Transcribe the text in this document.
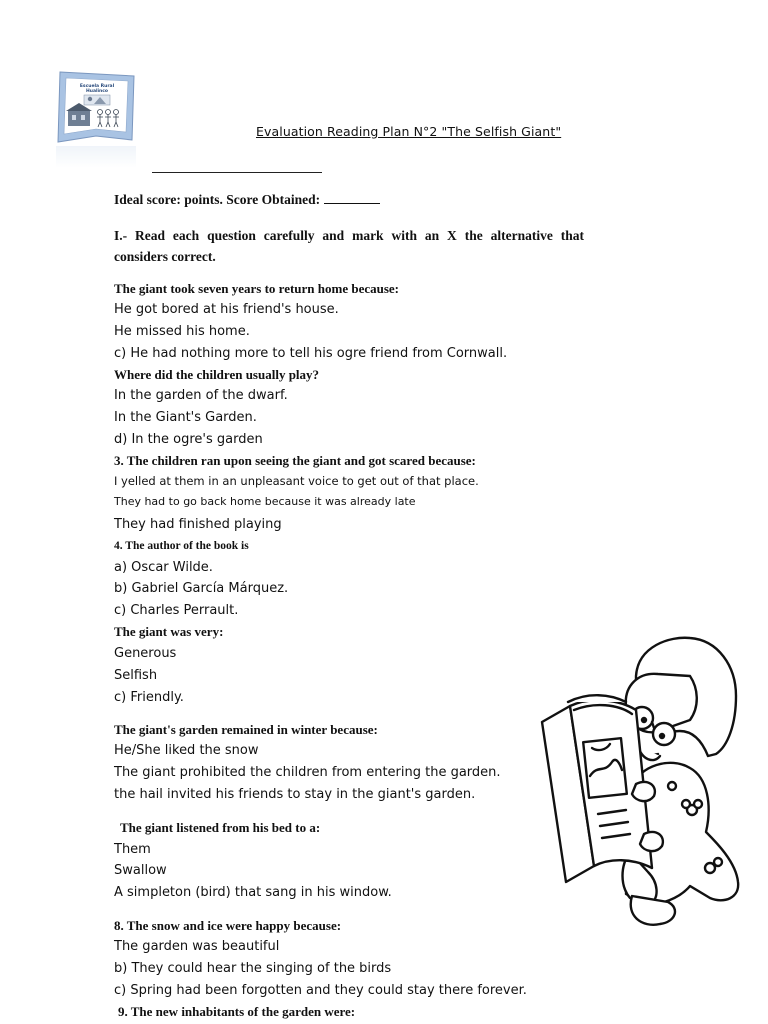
Escuela Rural
Hualinco
Evaluation Reading Plan N°2 "The Selfish Giant"
Ideal score: points. Score Obtained:
I.- Read each question carefully and mark with an X the alternative that considers correct.
The giant took seven years to return home because:
He got bored at his friend's house.
He missed his home.
c) He had nothing more to tell his ogre friend from Cornwall.
Where did the children usually play?
In the garden of the dwarf.
In the Giant's Garden.
d) In the ogre's garden
3. The children ran upon seeing the giant and got scared because:
I yelled at them in an unpleasant voice to get out of that place.
They had to go back home because it was already late
They had finished playing
4. The author of the book is
a) Oscar Wilde.
b) Gabriel García Márquez.
c) Charles Perrault.
The giant was very:
Generous
Selfish
c) Friendly.
The giant's garden remained in winter because:
He/She liked the snow
The giant prohibited the children from entering the garden.
the hail invited his friends to stay in the giant's garden.
The giant listened from his bed to a:
Them
Swallow
A simpleton (bird) that sang in his window.
8. The snow and ice were happy because:
The garden was beautiful
b) They could hear the singing of the birds
c) Spring had been forgotten and they could stay there forever.
9. The new inhabitants of the garden were:
